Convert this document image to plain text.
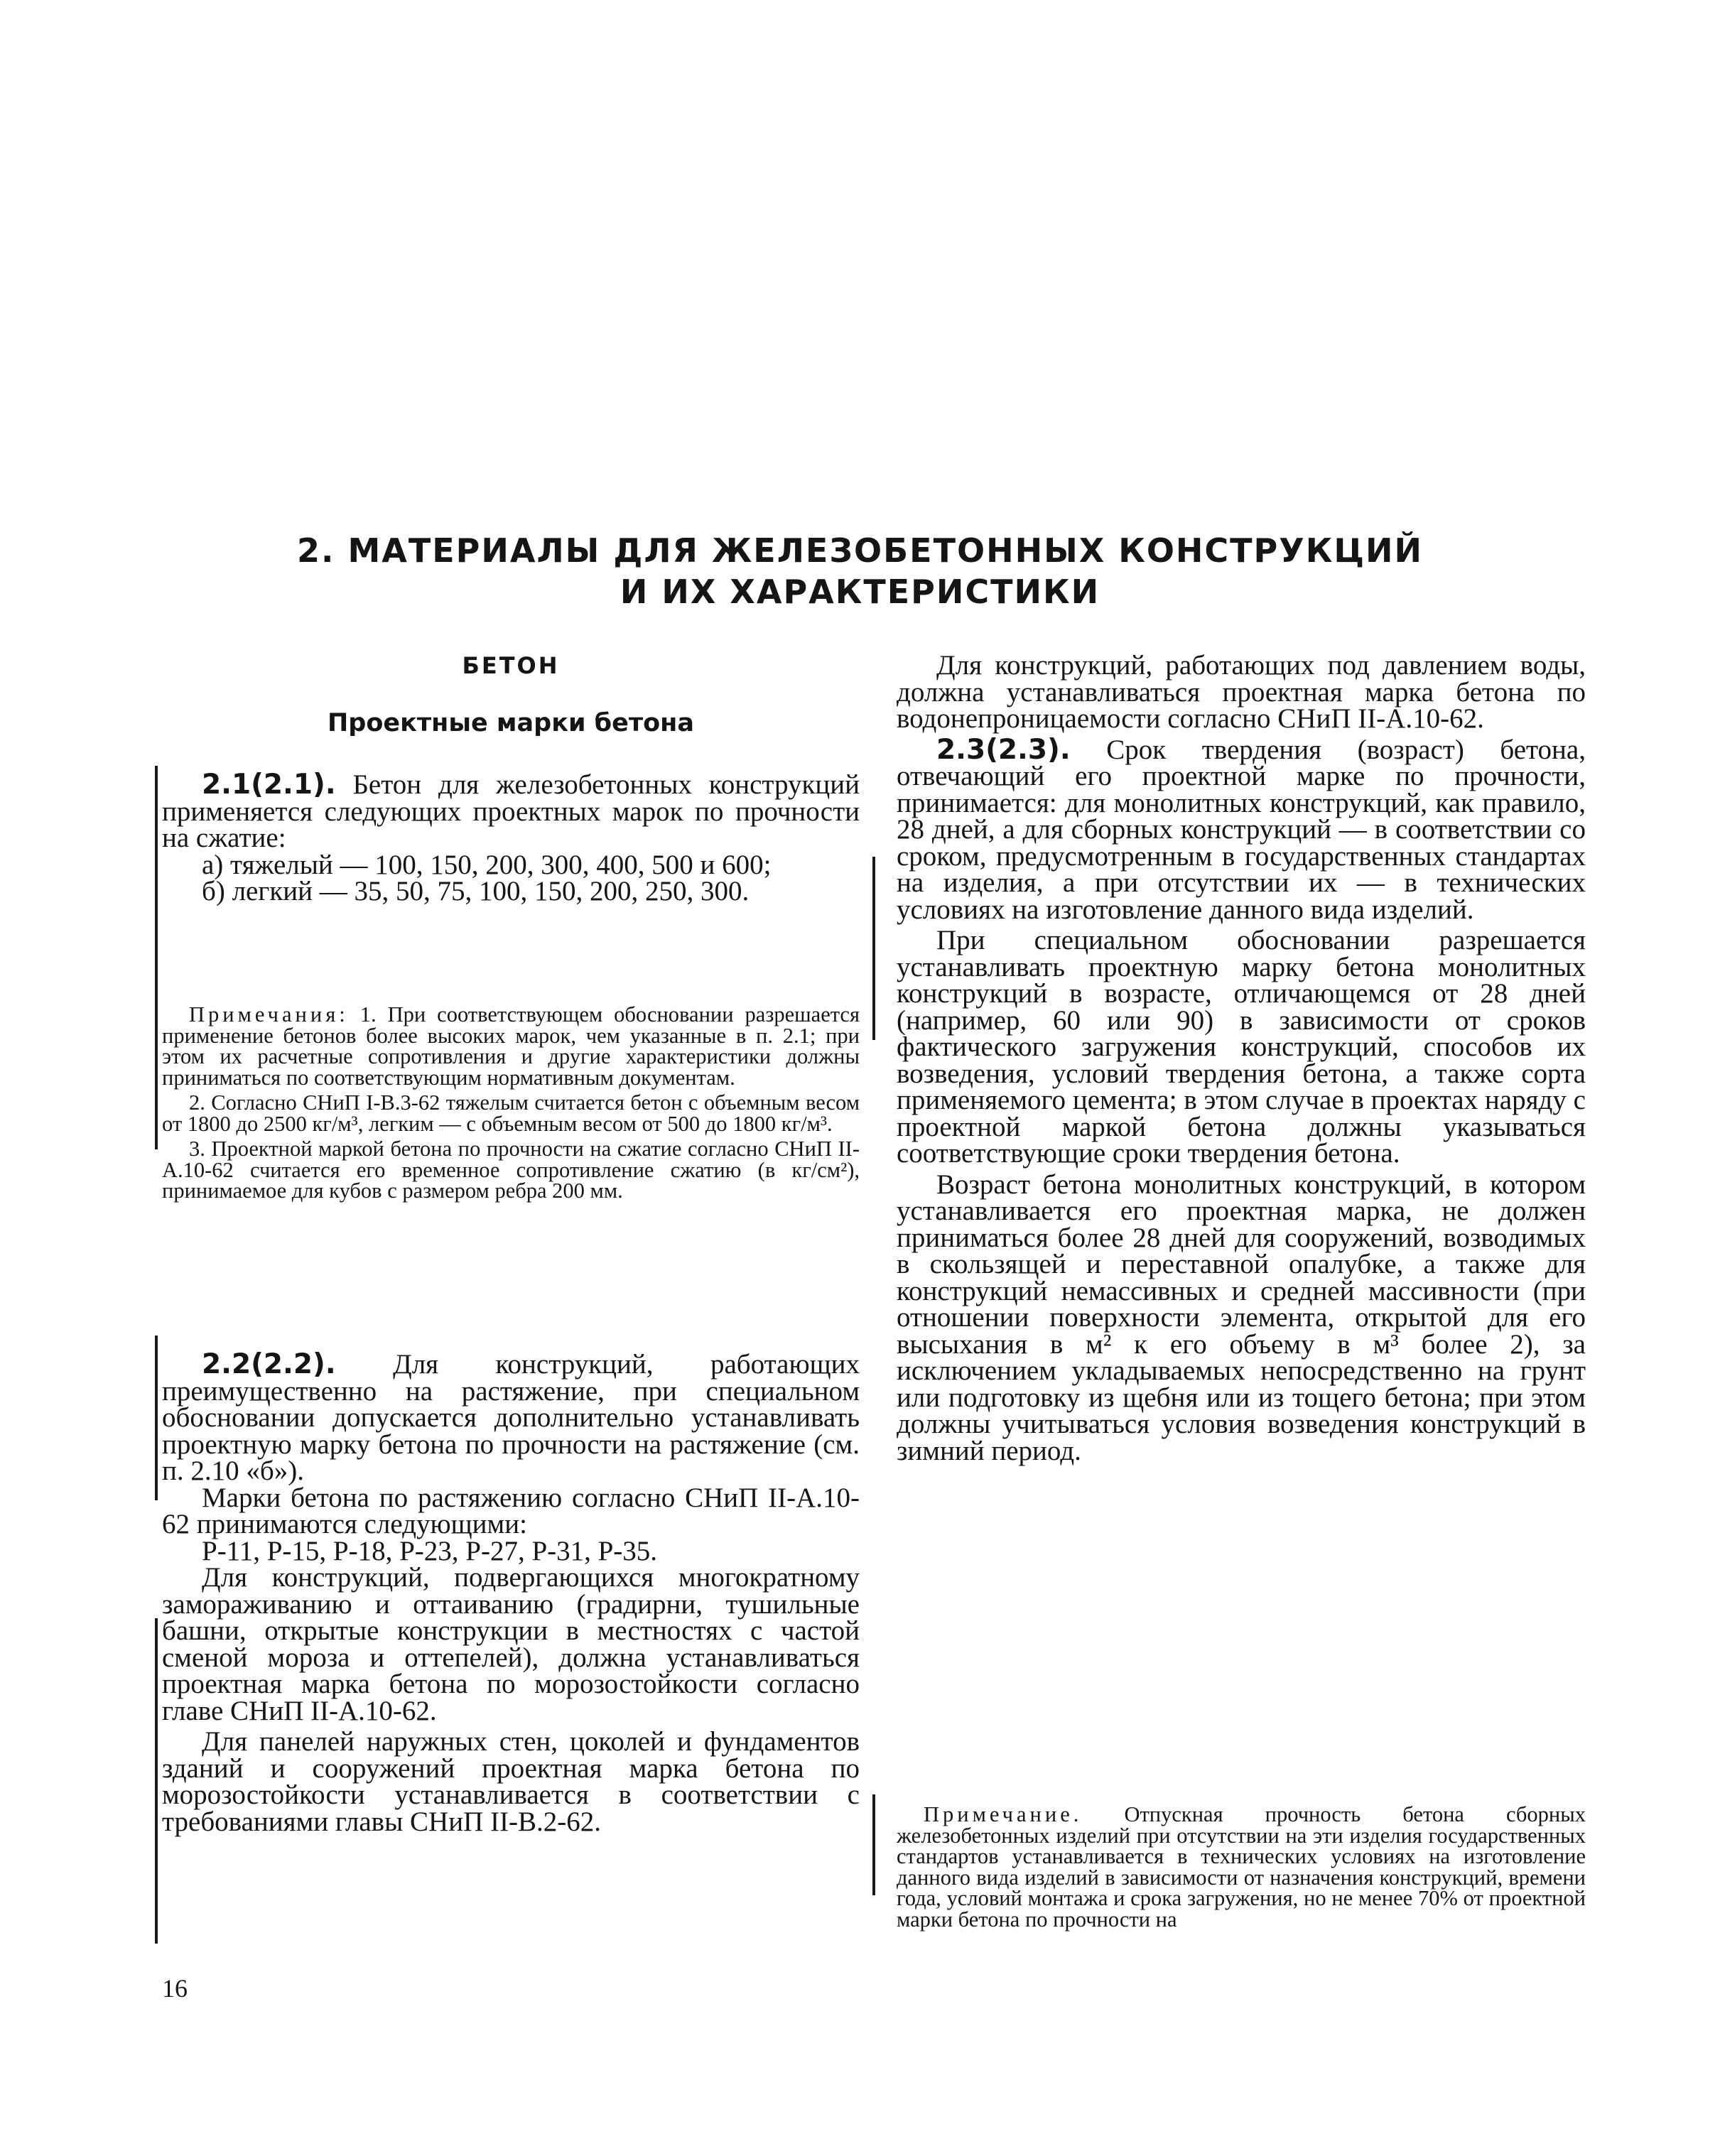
2. МАТЕРИАЛЫ ДЛЯ ЖЕЛЕЗОБЕТОННЫХ КОНСТРУКЦИЙ
И ИХ ХАРАКТЕРИСТИКИ
БЕТОН
Проектные марки бетона

2.1(2.1). Бетон для железобетонных конструкций применяется следующих проектных марок по прочности на сжатие:

а) тяжелый — 100, 150, 200, 300, 400, 500 и 600;

б) легкий — 35, 50, 75, 100, 150, 200, 250, 300.

Примечания: 1. При соответствующем обосновании разрешается применение бетонов более высоких марок, чем указанные в п. 2.1; при этом их расчетные сопротивления и другие характеристики должны приниматься по соответствующим нормативным документам.

2. Согласно СНиП I-В.3-62 тяжелым считается бетон с объемным весом от 1800 до 2500 кг/м³, легким — с объемным весом от 500 до 1800 кг/м³.

3. Проектной маркой бетона по прочности на сжатие согласно СНиП II-А.10-62 считается его временное сопротивление сжатию (в кг/см²), принимаемое для кубов с размером ребра 200 мм.

2.2(2.2). Для конструкций, работающих преимущественно на растяжение, при специальном обосновании допускается дополнительно устанавливать проектную марку бетона по прочности на растяжение (см. п. 2.10 «б»).

Марки бетона по растяжению согласно СНиП II-А.10-62 принимаются следующими:

Р-11, Р-15, Р-18, Р-23, Р-27, Р-31, Р-35.

Для конструкций, подвергающихся многократному замораживанию и оттаиванию (градирни, тушильные башни, открытые конструкции в местностях с частой сменой мороза и оттепелей), должна устанавливаться проектная марка бетона по морозостойкости согласно главе СНиП II-А.10-62.

Для панелей наружных стен, цоколей и фундаментов зданий и сооружений проектная марка бетона по морозостойкости устанавливается в соответствии с требованиями главы СНиП II-В.2-62.

Для конструкций, работающих под давлением воды, должна устанавливаться проектная марка бетона по водонепроницаемости согласно СНиП II-А.10-62.

2.3(2.3). Срок твердения (возраст) бетона, отвечающий его проектной марке по прочности, принимается: для монолитных конструкций, как правило, 28 дней, а для сборных конструкций — в соответствии со сроком, предусмотренным в государственных стандартах на изделия, а при отсутствии их — в технических условиях на изготовление данного вида изделий.

При специальном обосновании разрешается устанавливать проектную марку бетона монолитных конструкций в возрасте, отличающемся от 28 дней (например, 60 или 90) в зависимости от сроков фактического загружения конструкций, способов их возведения, условий твердения бетона, а также сорта применяемого цемента; в этом случае в проектах наряду с проектной маркой бетона должны указываться соответствующие сроки твердения бетона.

Возраст бетона монолитных конструкций, в котором устанавливается его проектная марка, не должен приниматься более 28 дней для сооружений, возводимых в скользящей и переставной опалубке, а также для конструкций немассивных и средней массивности (при отношении поверхности элемента, открытой для его высыхания в м² к его объему в м³ более 2), за исключением укладываемых непосредственно на грунт или подготовку из щебня или из тощего бетона; при этом должны учитываться условия возведения конструкций в зимний период.

Примечание. Отпускная прочность бетона сборных железобетонных изделий при отсутствии на эти изделия государственных стандартов устанавливается в технических условиях на изготовление данного вида изделий в зависимости от назначения конструкций, времени года, условий монтажа и срока загружения, но не менее 70% от проектной марки бетона по прочности на

16
